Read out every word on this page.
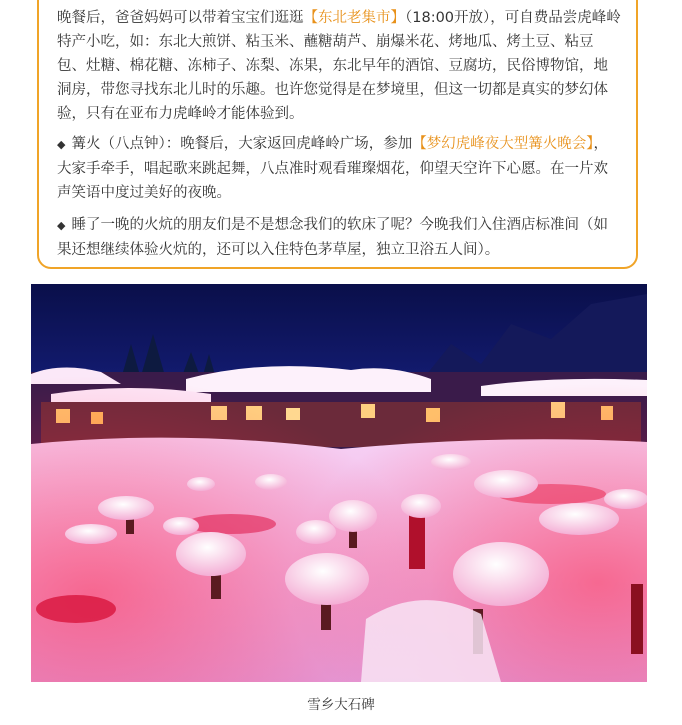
晚餐后，爸爸妈妈可以带着宝宝们逛逛【东北老集市】（18:00开放），可自费品尝虎峰岭特产小吃，如：东北大煎饼、粘玉米、蘸糖葫芦、崩爆米花、烤地瓜、烤土豆、粘豆包、灶糖、棉花糖、冻柿子、冻梨、冻果，东北早年的酒馆、豆腐坊，民俗博物馆，地洞房，带您寻找东北儿时的乐趣。也许您觉得是在梦境里，但这一切都是真实的梦幻体验，只有在亚布力虎峰岭才能体验到。

◆ 篝火（八点钟）：晚餐后，大家返回虎峰岭广场，参加【梦幻虎峰夜大型篝火晚会】，大家手牵手，唱起歌来跳起舞，八点准时观看璀璨烟花，仰望天空许下心愿。在一片欢声笑语中度过美好的夜晚。

◆ 睡了一晚的火炕的朋友们是不是想念我们的软床了呢？今晚我们入住酒店标准间（如果还想继续体验火炕的，还可以入住特色茅草屋，独立卫浴五人间）。

雪乡大石碑
